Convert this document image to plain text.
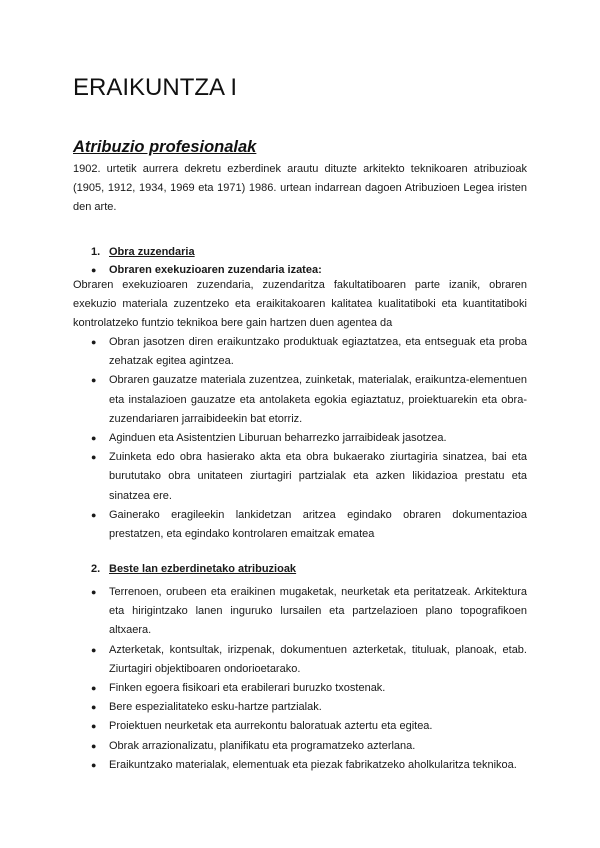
ERAIKUNTZA I
Atribuzio profesionalak

1902. urtetik aurrera dekretu ezberdinek arautu dituzte arkitekto teknikoaren atribuzioak (1905, 1912, 1934, 1969 eta 1971) 1986. urtean indarrean dagoen Atribuzioen Legea iristen den arte.

1. Obra zuzendaria
● Obraren exekuzioaren zuzendaria izatea:

Obraren exekuzioaren zuzendaria, zuzendaritza fakultatiboaren parte izanik, obraren exekuzio materiala zuzentzeko eta eraikitakoaren kalitatea kualitatiboki eta kuantitatiboki kontrolatzeko funtzio teknikoa bere gain hartzen duen agentea da

● Obran jasotzen diren eraikuntzako produktuak egiaztatzea, eta entseguak eta proba zehatzak egitea agintzea.
● Obraren gauzatze materiala zuzentzea, zuinketak, materialak, eraikuntza-elementuen eta instalazioen gauzatze eta antolaketa egokia egiaztatuz, proiektuarekin eta obra-zuzendariaren jarraibideekin bat etorriz.
● Aginduen eta Asistentzien Liburuan beharrezko jarraibideak jasotzea.
● Zuinketa edo obra hasierako akta eta obra bukaerako ziurtagiria sinatzea, bai eta burututako obra unitateen ziurtagiri partzialak eta azken likidazioa prestatu eta sinatzea ere.
● Gainerako eragileekin lankidetzan aritzea egindako obraren dokumentazioa prestatzen, eta egindako kontrolaren emaitzak ematea
2. Beste lan ezberdinetako atribuzioak
● Terrenoen, orubeen eta eraikinen mugaketak, neurketak eta peritatzeak. Arkitektura eta hirigintzako lanen inguruko lursailen eta partzelazioen plano topografikoen altxaera.
● Azterketak, kontsultak, irizpenak, dokumentuen azterketak, tituluak, planoak, etab. Ziurtagiri objektiboaren ondorioetarako.
● Finken egoera fisikoari eta erabilerari buruzko txostenak.
● Bere espezialitateko esku-hartze partzialak.
● Proiektuen neurketak eta aurrekontu baloratuak aztertu eta egitea.
● Obrak arrazionalizatu, planifikatu eta programatzeko azterlana.
● Eraikuntzako materialak, elementuak eta piezak fabrikatzeko aholkularitza teknikoa.
